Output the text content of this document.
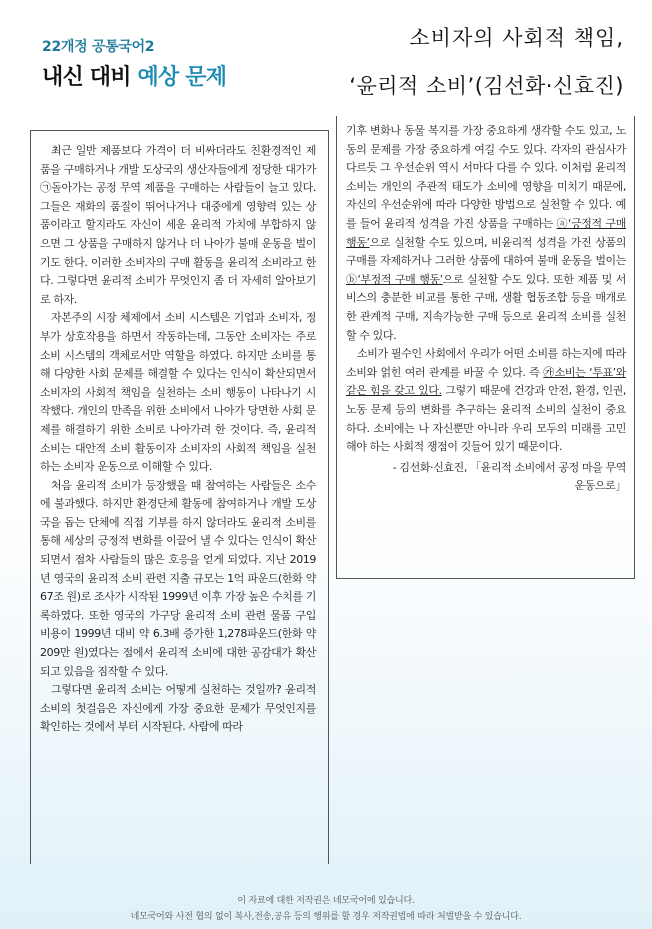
22개정 공통국어2
내신 대비 예상 문제
소비자의 사회적 책임,
‘윤리적 소비’(김선화·신효진)

최근 일반 제품보다 가격이 더 비싸더라도 친환경적인 제품을 구매하거나 개발 도상국의 생산자들에게 정당한 대가가 ㉠돌아가는 공정 무역 제품을 구매하는 사람들이 늘고 있다. 그들은 재화의 품질이 뛰어나거나 대중에게 영향력 있는 상품이라고 할지라도 자신이 세운 윤리적 가치에 부합하지 않으면 그 상품을 구매하지 않거나 더 나아가 불매 운동을 벌이기도 한다. 이러한 소비자의 구매 활동을 윤리적 소비라고 한다. 그렇다면 윤리적 소비가 무엇인지 좀 더 자세히 알아보기로 하자.

자본주의 시장 체제에서 소비 시스템은 기업과 소비자, 정부가 상호작용을 하면서 작동하는데, 그동안 소비자는 주로 소비 시스템의 객체로서만 역할을 하였다. 하지만 소비를 통해 다양한 사회 문제를 해결할 수 있다는 인식이 확산되면서 소비자의 사회적 책임을 실천하는 소비 행동이 나타나기 시작했다. 개인의 만족을 위한 소비에서 나아가 당면한 사회 문제를 해결하기 위한 소비로 나아가려 한 것이다. 즉, 윤리적 소비는 대안적 소비 활동이자 소비자의 사회적 책임을 실천하는 소비자 운동으로 이해할 수 있다.

처음 윤리적 소비가 등장했을 때 참여하는 사람들은 소수에 불과했다. 하지만 환경단체 활동에 참여하거나 개발 도상국을 돕는 단체에 직접 기부를 하지 않더라도 윤리적 소비를 통해 세상의 긍정적 변화를 이끌어 낼 수 있다는 인식이 확산되면서 점차 사람들의 많은 호응을 얻게 되었다. 지난 2019년 영국의 윤리적 소비 관련 지출 규모는 1억 파운드(한화 약 67조 원)로 조사가 시작된 1999년 이후 가장 높은 수치를 기록하였다. 또한 영국의 가구당 윤리적 소비 관련 물품 구입 비용이 1999년 대비 약 6.3배 증가한 1,278파운드(한화 약 209만 원)였다는 점에서 윤리적 소비에 대한 공감대가 확산되고 있음을 짐작할 수 있다.

그렇다면 윤리적 소비는 어떻게 실천하는 것일까? 윤리적 소비의 첫걸음은 자신에게 가장 중요한 문제가 무엇인지를 확인하는 것에서 부터 시작된다. 사람에 따라

기후 변화나 동물 복지를 가장 중요하게 생각할 수도 있고, 노동의 문제를 가장 중요하게 여길 수도 있다. 각자의 관심사가 다르듯 그 우선순위 역시 서마다 다를 수 있다. 이처럼 윤리적 소비는 개인의 주관적 태도가 소비에 영향을 미치기 때문에, 자신의 우선순위에 따라 다양한 방법으로 실천할 수 있다. 예를 들어 윤리적 성격을 가진 상품을 구매하는 ⓐ‘긍정적 구매 행동’으로 실천할 수도 있으며, 비윤리적 성격을 가진 상품의 구매를 자제하거나 그러한 상품에 대하여 불매 운동을 벌이는 ⓑ‘부정적 구매 행동’으로 실천할 수도 있다. 또한 제품 및 서비스의 충분한 비교를 통한 구매, 생활 협동조합 등을 매개로 한 관계적 구매, 지속가능한 구매 등으로 윤리적 소비를 실천할 수 있다.

소비가 필수인 사회에서 우리가 어떤 소비를 하는지에 따라 소비와 얽힌 여러 관계를 바꿀 수 있다. 즉 ㉮소비는 ‘투표’와 같은 힘을 갖고 있다. 그렇기 때문에 건강과 안전, 환경, 인권, 노동 문제 등의 변화를 추구하는 윤리적 소비의 실천이 중요하다. 소비에는 나 자신뿐만 아니라 우리 모두의 미래를 고민해야 하는 사회적 쟁점이 깃들어 있기 때문이다.

- 김선화·신효진, 「윤리적 소비에서 공정 마을 무역

운동으로」

이 자료에 대한 저작권은 네모국어에 있습니다.
네모국어와 사전 협의 없이 복사,전송,공유 등의 행위를 할 경우 저작권법에 따라 처벌받을 수 있습니다.
